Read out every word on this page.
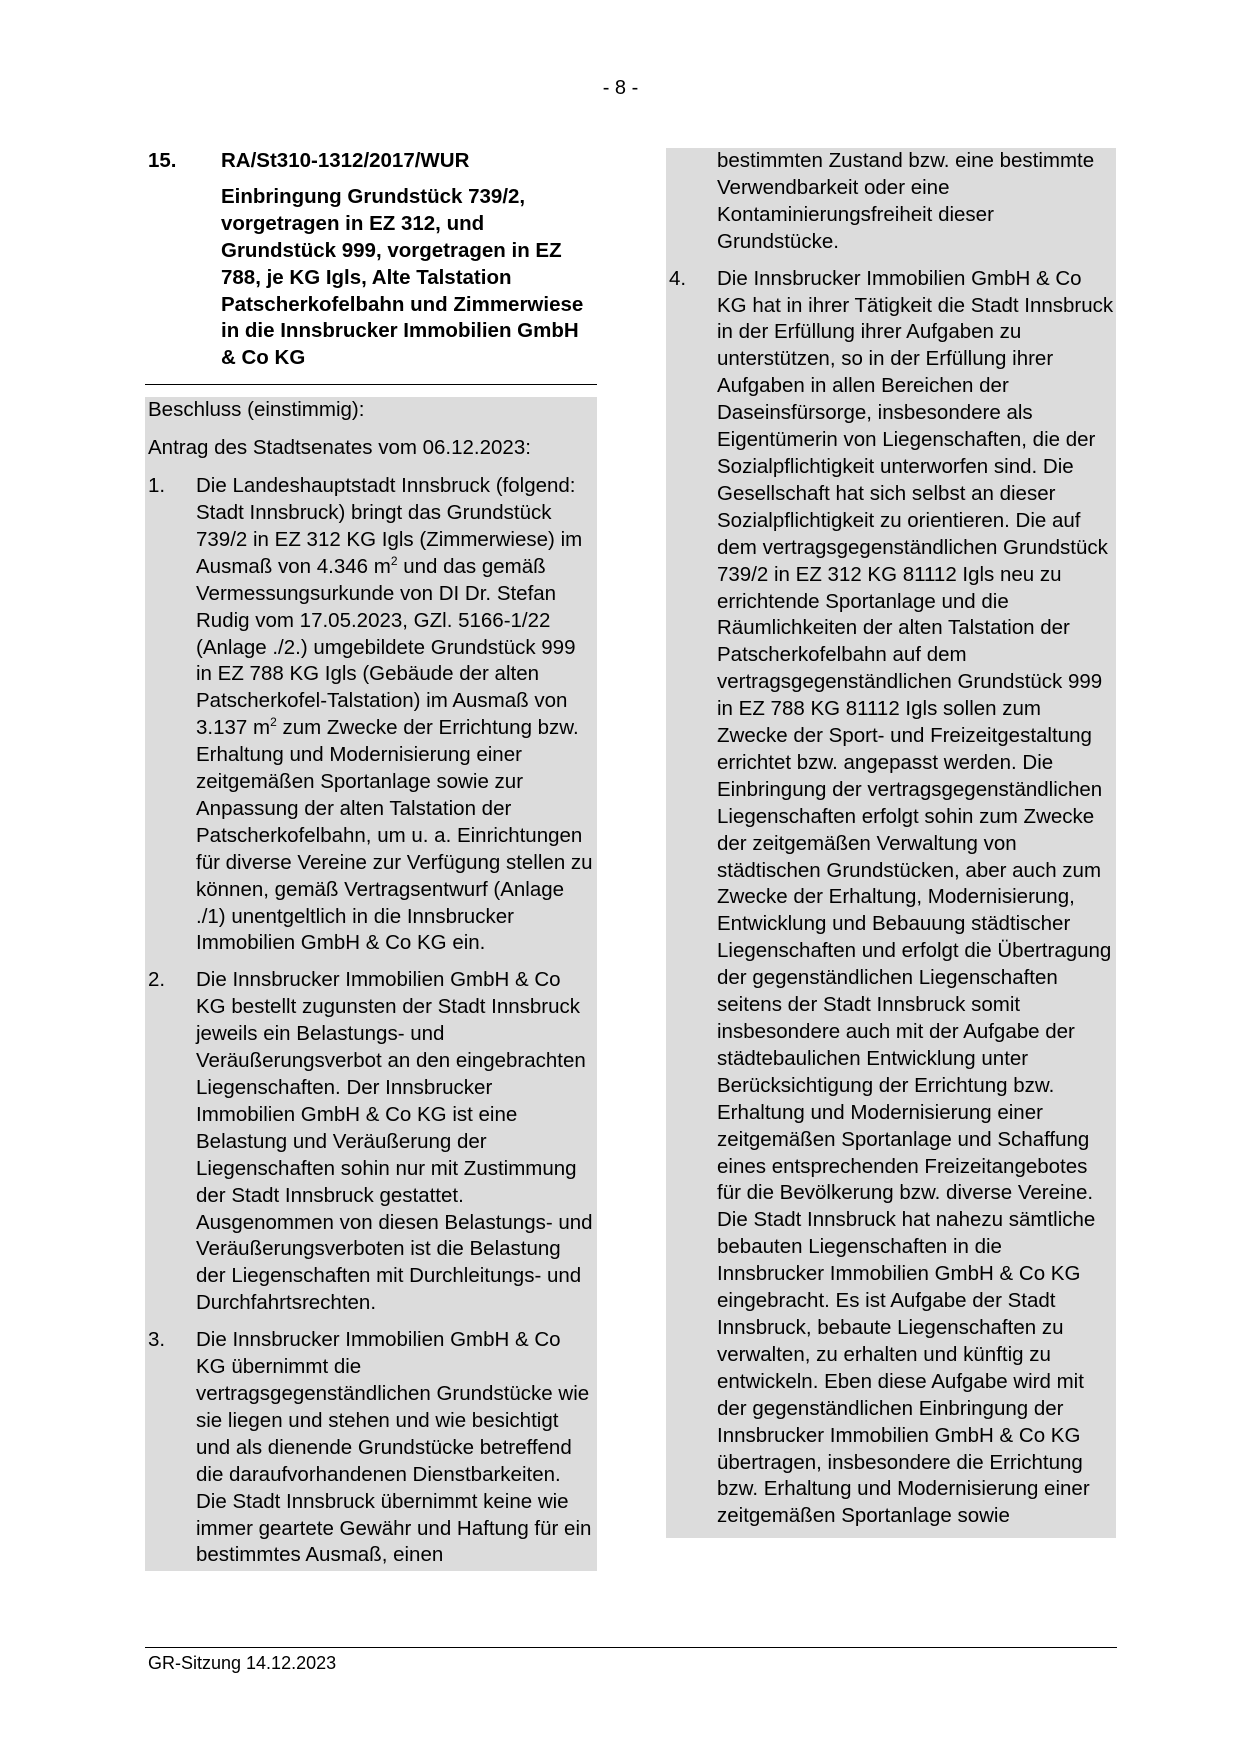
- 8 -
15.	RA/St310-1312/2017/WUR
Einbringung Grundstück 739/2, vorgetragen in EZ 312, und Grundstück 999, vorgetragen in EZ 788, je KG Igls, Alte Talstation Patscherkofelbahn und Zimmerwiese in die Innsbrucker Immobilien GmbH & Co KG

Beschluss (einstimmig):

Antrag des Stadtsenates vom 06.12.2023:

1. Die Landeshauptstadt Innsbruck (folgend: Stadt Innsbruck) bringt das Grundstück 739/2 in EZ 312 KG Igls (Zimmerwiese) im Ausmaß von 4.346 $m^2$ und das gemäß Vermessungsurkunde von DI Dr. Stefan Rudig vom 17.05.2023, GZl. 5166-1/22 (Anlage ./2.) umgebildete Grundstück 999 in EZ 788 KG Igls (Gebäude der alten Patscherkofel-Talstation) im Ausmaß von 3.137 $m^2$ zum Zwecke der Errichtung bzw. Erhaltung und Modernisierung einer zeitgemäßen Sportanlage sowie zur Anpassung der alten Talstation der Patscherkofelbahn, um u. a. Einrichtungen für diverse Vereine zur Verfügung stellen zu können, gemäß Vertragsentwurf (Anlage ./1) unentgeltlich in die Innsbrucker Immobilien GmbH & Co KG ein.
2. Die Innsbrucker Immobilien GmbH & Co KG bestellt zugunsten der Stadt Innsbruck jeweils ein Belastungs- und Veräußerungsverbot an den eingebrachten Liegenschaften. Der Innsbrucker Immobilien GmbH & Co KG ist eine Belastung und Veräußerung der Liegenschaften sohin nur mit Zustimmung der Stadt Innsbruck gestattet. Ausgenommen von diesen Belastungs- und Veräußerungsverboten ist die Belastung der Liegenschaften mit Durchleitungs- und Durchfahrtsrechten.
3. Die Innsbrucker Immobilien GmbH & Co KG übernimmt die vertragsgegenständlichen Grundstücke wie sie liegen und stehen und wie besichtigt und als dienende Grundstücke betreffend die daraufvorhandenen Dienstbarkeiten. Die Stadt Innsbruck übernimmt keine wie immer geartete Gewähr und Haftung für ein bestimmtes Ausmaß, einen
bestimmten Zustand bzw. eine bestimmte Verwendbarkeit oder eine Kontaminierungsfreiheit dieser Grundstücke.
4. Die Innsbrucker Immobilien GmbH & Co KG hat in ihrer Tätigkeit die Stadt Innsbruck in der Erfüllung ihrer Aufgaben zu unterstützen, so in der Erfüllung ihrer Aufgaben in allen Bereichen der Daseinsfürsorge, insbesondere als Eigentümerin von Liegenschaften, die der Sozialpflichtigkeit unterworfen sind. Die Gesellschaft hat sich selbst an dieser Sozialpflichtigkeit zu orientieren. Die auf dem vertragsgegenständlichen Grundstück 739/2 in EZ 312 KG 81112 Igls neu zu errichtende Sportanlage und die Räumlichkeiten der alten Talstation der Patscherkofelbahn auf dem vertragsgegenständlichen Grundstück 999 in EZ 788 KG 81112 Igls sollen zum Zwecke der Sport- und Freizeitgestaltung errichtet bzw. angepasst werden. Die Einbringung der vertragsgegenständlichen Liegenschaften erfolgt sohin zum Zwecke der zeitgemäßen Verwaltung von städtischen Grundstücken, aber auch zum Zwecke der Erhaltung, Modernisierung, Entwicklung und Bebauung städtischer Liegenschaften und erfolgt die Übertragung der gegenständlichen Liegenschaften seitens der Stadt Innsbruck somit insbesondere auch mit der Aufgabe der städtebaulichen Entwicklung unter Berücksichtigung der Errichtung bzw. Erhaltung und Modernisierung einer zeitgemäßen Sportanlage und Schaffung eines entsprechenden Freizeitangebotes für die Bevölkerung bzw. diverse Vereine. Die Stadt Innsbruck hat nahezu sämtliche bebauten Liegenschaften in die Innsbrucker Immobilien GmbH & Co KG eingebracht. Es ist Aufgabe der Stadt Innsbruck, bebaute Liegenschaften zu verwalten, zu erhalten und künftig zu entwickeln. Eben diese Aufgabe wird mit der gegenständlichen Einbringung der Innsbrucker Immobilien GmbH & Co KG übertragen, insbesondere die Errichtung bzw. Erhaltung und Modernisierung einer zeitgemäßen Sportanlage sowie
GR-Sitzung 14.12.2023
